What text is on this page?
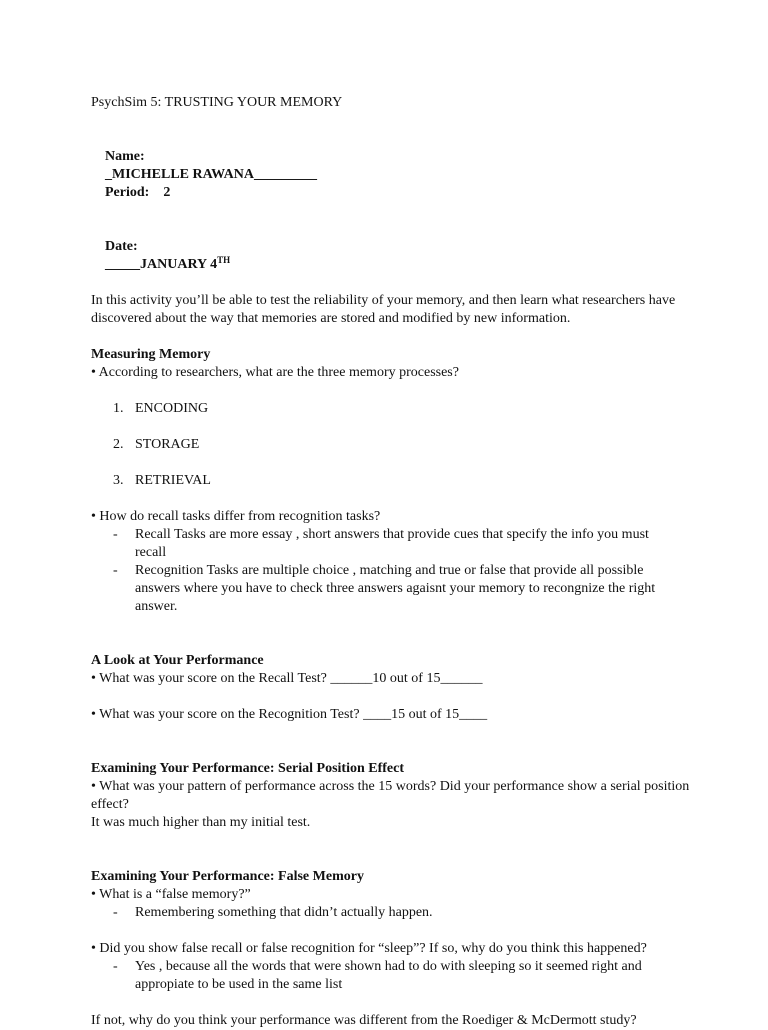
PsychSim 5: TRUSTING YOUR MEMORY

Name:
_MICHELLE RAWANA_________
Period: 2

Date:
_____JANUARY 4TH

In this activity you’ll be able to test the reliability of your memory, and then learn what researchers have discovered about the way that memories are stored and modified by new information.
Measuring Memory
• According to researchers, what are the three memory processes?
1. ENCODING
2. STORAGE
3. RETRIEVAL
• How do recall tasks differ from recognition tasks?
-	Recall Tasks are more essay , short answers that provide cues that specify the info you must recall
-	Recognition Tasks are multiple choice , matching and true or false that provide all possible answers where you have to check three answers agaisnt your memory to recongnize the right answer.
A Look at Your Performance
• What was your score on the Recall Test? ______10 out of 15______
• What was your score on the Recognition Test? ____15 out of 15____
Examining Your Performance: Serial Position Effect
• What was your pattern of performance across the 15 words? Did your performance show a serial position effect?
It was much higher than my initial test.
Examining Your Performance: False Memory
• What is a “false memory?”
-	Remembering something that didn’t actually happen.
• Did you show false recall or false recognition for “sleep”? If so, why do you think this happened?
-	Yes , because all the words that were shown had to do with sleeping so it seemed right and appropiate to be used in the same list
If not, why do you think your performance was different from the Roediger & McDermott study?
